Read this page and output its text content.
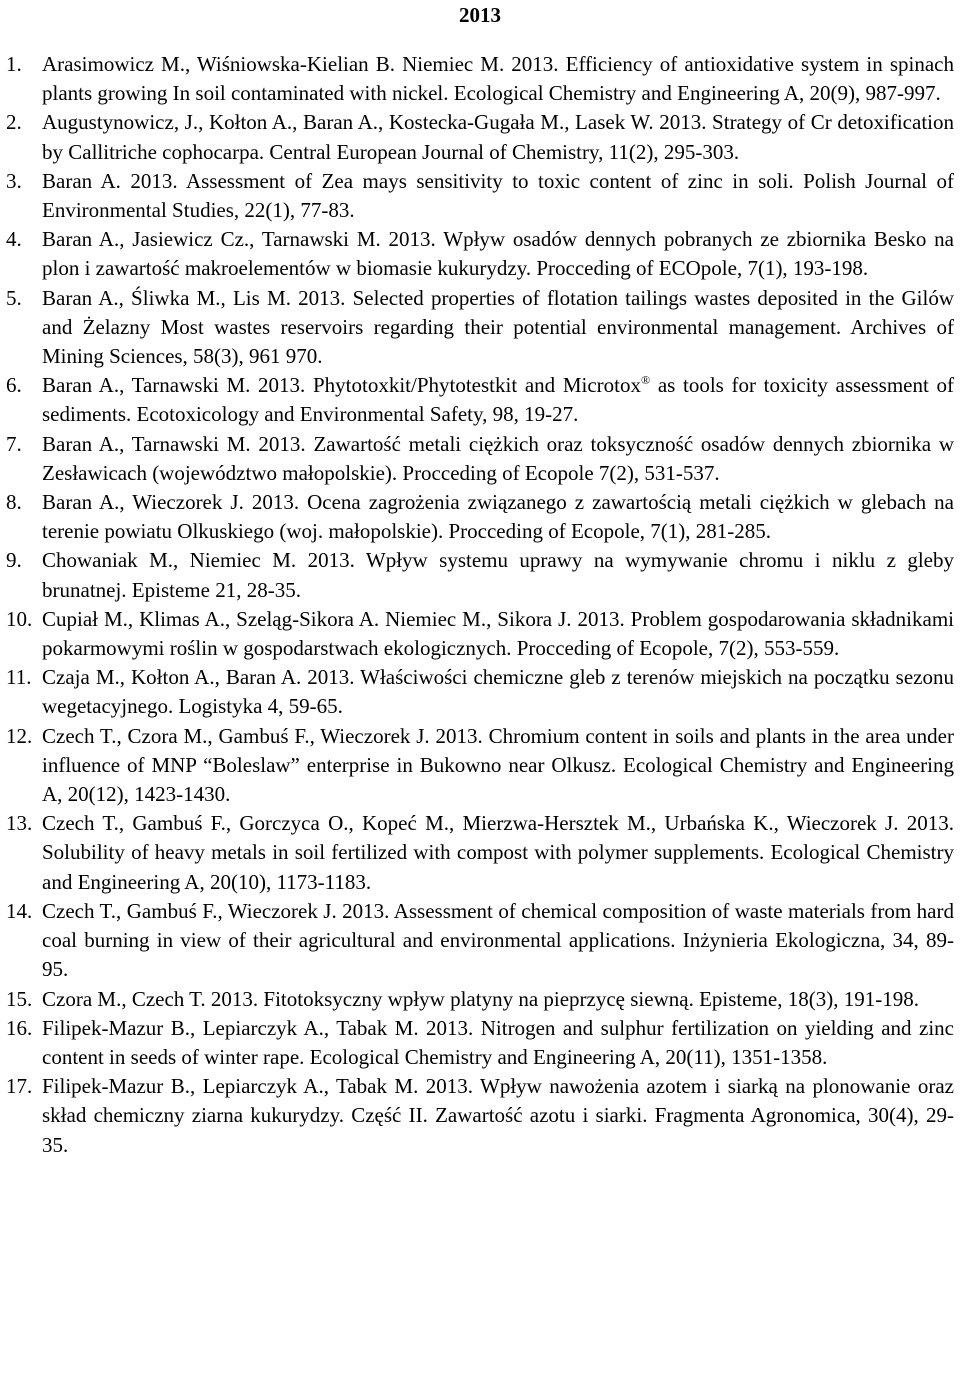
2013
1. Arasimowicz M., Wiśniowska-Kielian B. Niemiec M. 2013. Efficiency of antioxidative system in spinach plants growing In soil contaminated with nickel. Ecological Chemistry and Engineering A, 20(9), 987-997.
2. Augustynowicz, J., Kołton A., Baran A., Kostecka-Gugała M., Lasek W. 2013. Strategy of Cr detoxification by Callitriche cophocarpa. Central European Journal of Chemistry, 11(2), 295-303.
3. Baran A. 2013. Assessment of Zea mays sensitivity to toxic content of zinc in soli. Polish Journal of Environmental Studies, 22(1), 77-83.
4. Baran A., Jasiewicz Cz., Tarnawski M. 2013. Wpływ osadów dennych pobranych ze zbiornika Besko na plon i zawartość makroelementów w biomasie kukurydzy. Procceding of ECOpole, 7(1), 193-198.
5. Baran A., Śliwka M., Lis M. 2013. Selected properties of flotation tailings wastes deposited in the Gilów and Żelazny Most wastes reservoirs regarding their potential environmental management. Archives of Mining Sciences, 58(3), 961 970.
6. Baran A., Tarnawski M. 2013. Phytotoxkit/Phytotestkit and Microtox® as tools for toxicity assessment of sediments. Ecotoxicology and Environmental Safety, 98, 19-27.
7. Baran A., Tarnawski M. 2013. Zawartość metali ciężkich oraz toksyczność osadów dennych zbiornika w Zesławicach (województwo małopolskie). Procceding of Ecopole 7(2), 531-537.
8. Baran A., Wieczorek J. 2013. Ocena zagrożenia związanego z zawartością metali ciężkich w glebach na terenie powiatu Olkuskiego (woj. małopolskie). Procceding of Ecopole, 7(1), 281-285.
9. Chowaniak M., Niemiec M. 2013. Wpływ systemu uprawy na wymywanie chromu i niklu z gleby brunatnej. Episteme 21, 28-35.
10. Cupiał M., Klimas A., Szeląg-Sikora A. Niemiec M., Sikora J. 2013. Problem gospodarowania składnikami pokarmowymi roślin w gospodarstwach ekologicznych. Procceding of Ecopole, 7(2), 553-559.
11. Czaja M., Kołton A., Baran A. 2013. Właściwości chemiczne gleb z terenów miejskich na początku sezonu wegetacyjnego. Logistyka 4, 59-65.
12. Czech T., Czora M., Gambuś F., Wieczorek J. 2013. Chromium content in soils and plants in the area under influence of MNP “Boleslaw” enterprise in Bukowno near Olkusz. Ecological Chemistry and Engineering A, 20(12), 1423-1430.
13. Czech T., Gambuś F., Gorczyca O., Kopeć M., Mierzwa-Hersztek M., Urbańska K., Wieczorek J. 2013. Solubility of heavy metals in soil fertilized with compost with polymer supplements. Ecological Chemistry and Engineering A, 20(10), 1173-1183.
14. Czech T., Gambuś F., Wieczorek J. 2013. Assessment of chemical composition of waste materials from hard coal burning in view of their agricultural and environmental applications. Inżynieria Ekologiczna, 34, 89-95.
15. Czora M., Czech T. 2013. Fitotoksyczny wpływ platyny na pieprzycę siewną. Episteme, 18(3), 191-198.
16. Filipek-Mazur B., Lepiarczyk A., Tabak M. 2013. Nitrogen and sulphur fertilization on yielding and zinc content in seeds of winter rape. Ecological Chemistry and Engineering A, 20(11), 1351-1358.
17. Filipek-Mazur B., Lepiarczyk A., Tabak M. 2013. Wpływ nawożenia azotem i siarką na plonowanie oraz skład chemiczny ziarna kukurydzy. Część II. Zawartość azotu i siarki. Fragmenta Agronomica, 30(4), 29-35.
